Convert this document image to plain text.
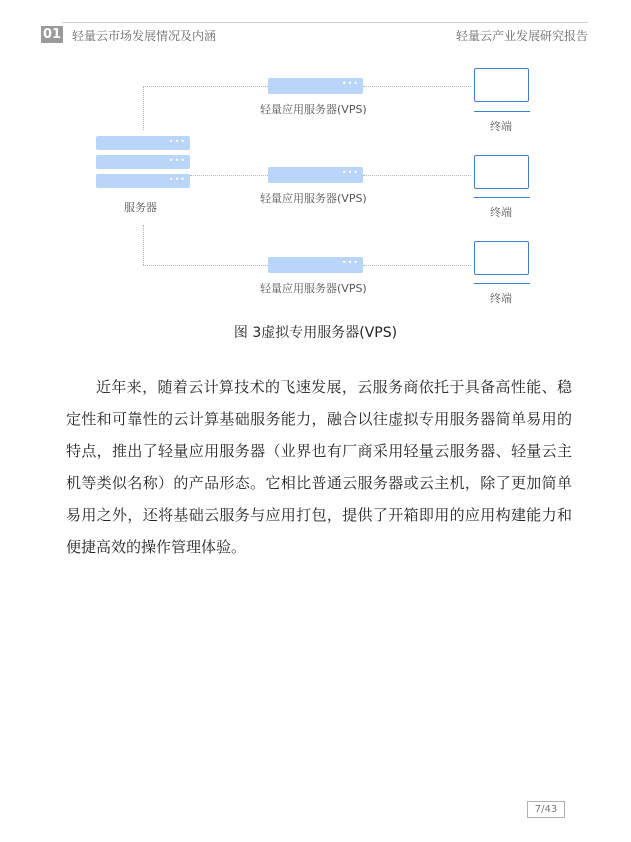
01 轻量云市场发展情况及内涵	轻量云产业发展研究报告
•••
•••
•••
服务器
•••
轻量应用服务器(VPS)
•••
轻量应用服务器(VPS)
•••
轻量应用服务器(VPS)
终端
终端
终端
图 3虚拟专用服务器(VPS)

近年来，随着云计算技术的飞速发展，云服务商依托于具备高性能、稳定性和可靠性的云计算基础服务能力，融合以往虚拟专用服务器简单易用的特点，推出了轻量应用服务器（业界也有厂商采用轻量云服务器、轻量云主机等类似名称）的产品形态。它相比普通云服务器或云主机，除了更加简单易用之外，还将基础云服务与应用打包，提供了开箱即用的应用构建能力和便捷高效的操作管理体验。

7/43
